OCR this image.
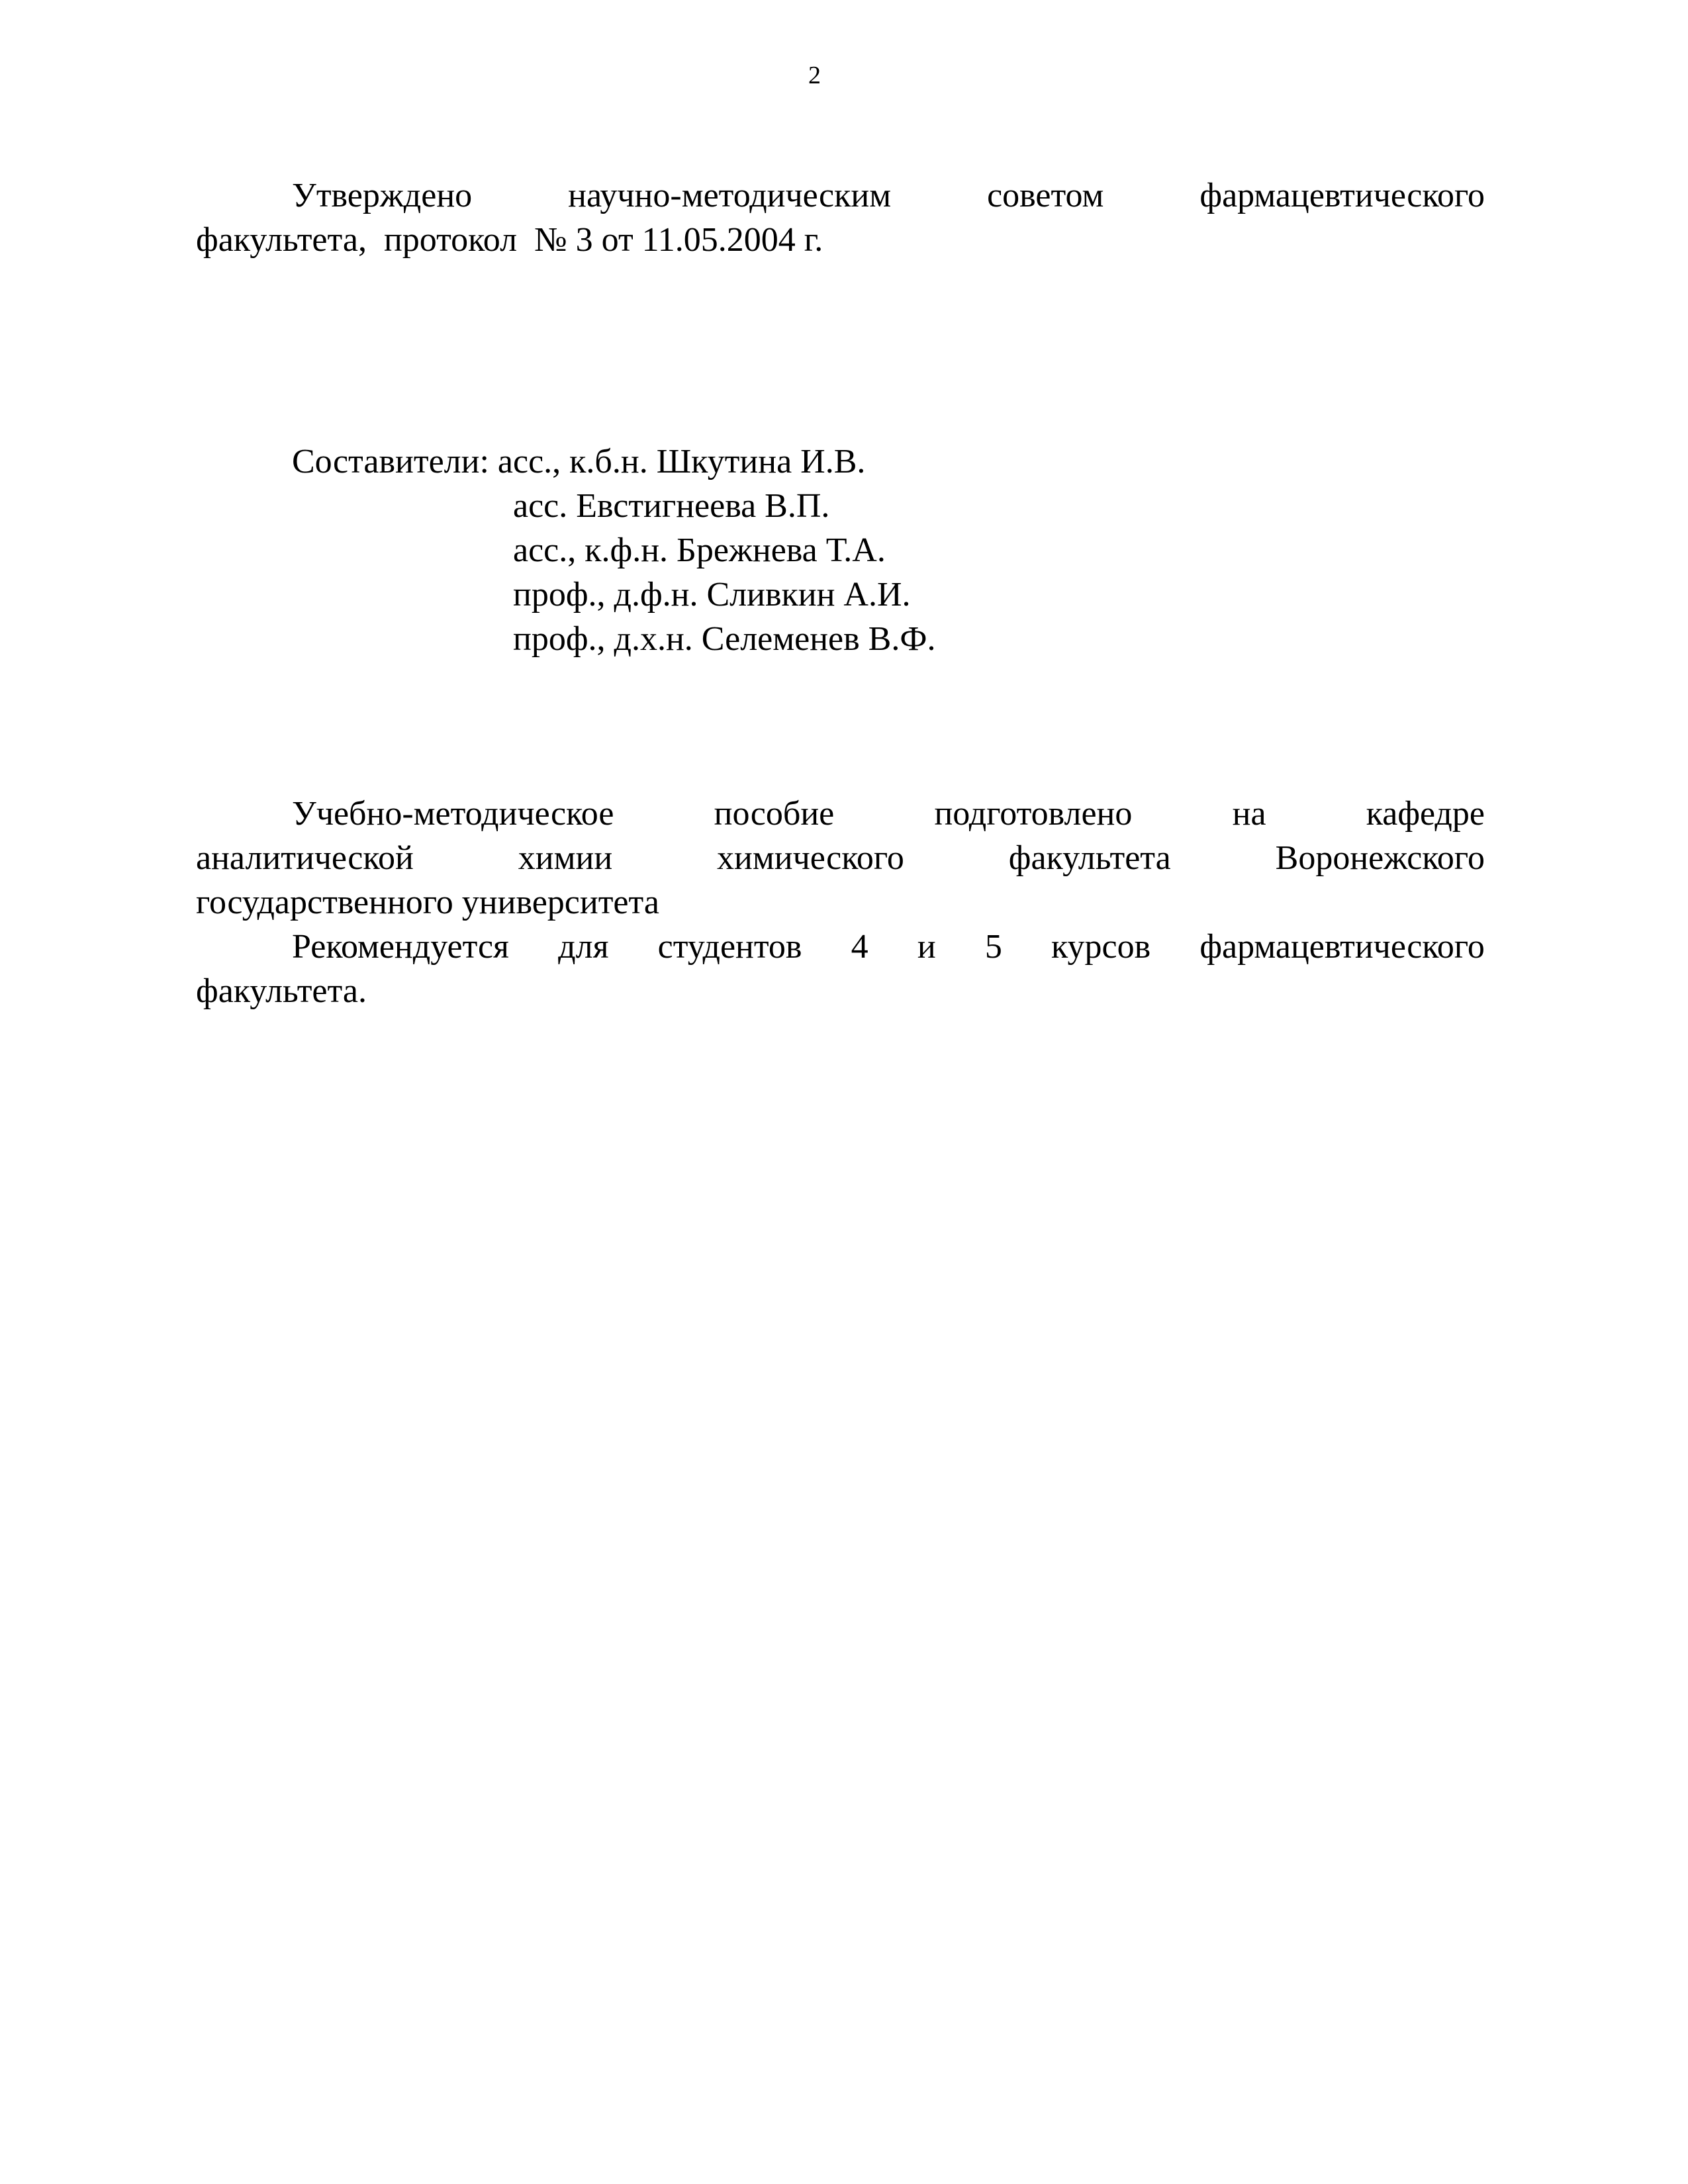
2
Утверждено	научно-методическим	советом	фармацевтического
факультета,  протокол  № 3 от 11.05.2004 г.
Составители: асс., к.б.н. Шкутина И.В.
асс. Евстигнеева В.П.
асс., к.ф.н. Брежнева Т.А.
проф., д.ф.н. Сливкин А.И.
проф., д.х.н. Селеменев В.Ф.
Учебно-методическое	пособие	подготовлено	на	кафедре
аналитической	химии	химического	факультета	Воронежского
государственного университета
Рекомендуется для студентов 4 и 5 курсов фармацевтического
факультета.
